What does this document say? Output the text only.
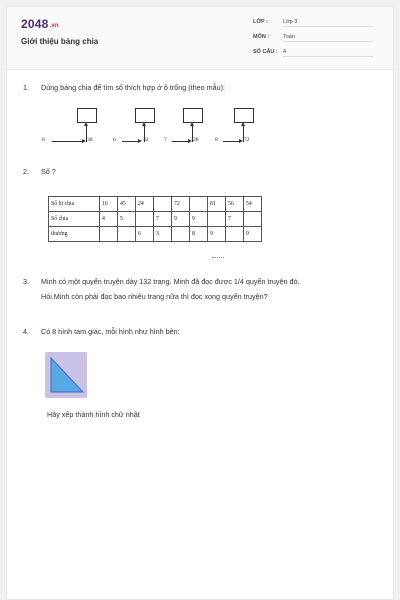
2048.vn
Giới thiệu bảng chia
LỚP :	Lớp 3
MÔN :	Toán
SỐ CÂU : 4
1. Dùng bảng chia để tìm số thích hợp ở ô trống (theo mẫu):
6	30	6	42	7	28	8	72
2. Số ?
Số bị chia	16	45	24		72		81	56	54
Số chia	4	5		7	9	9		7	
thương			6	3		8	9		9
3. Minh có một quyển truyện dày 132 trang. Minh đã đọc được 1/4 quyển truyện đó.
Hỏi Minh còn phải đọc bao nhiêu trang nữa thì đọc xong quyển truyện?
4. Có 8 hình tam giác, mỗi hình như hình bên:
Hãy xếp thành hình chữ nhật
